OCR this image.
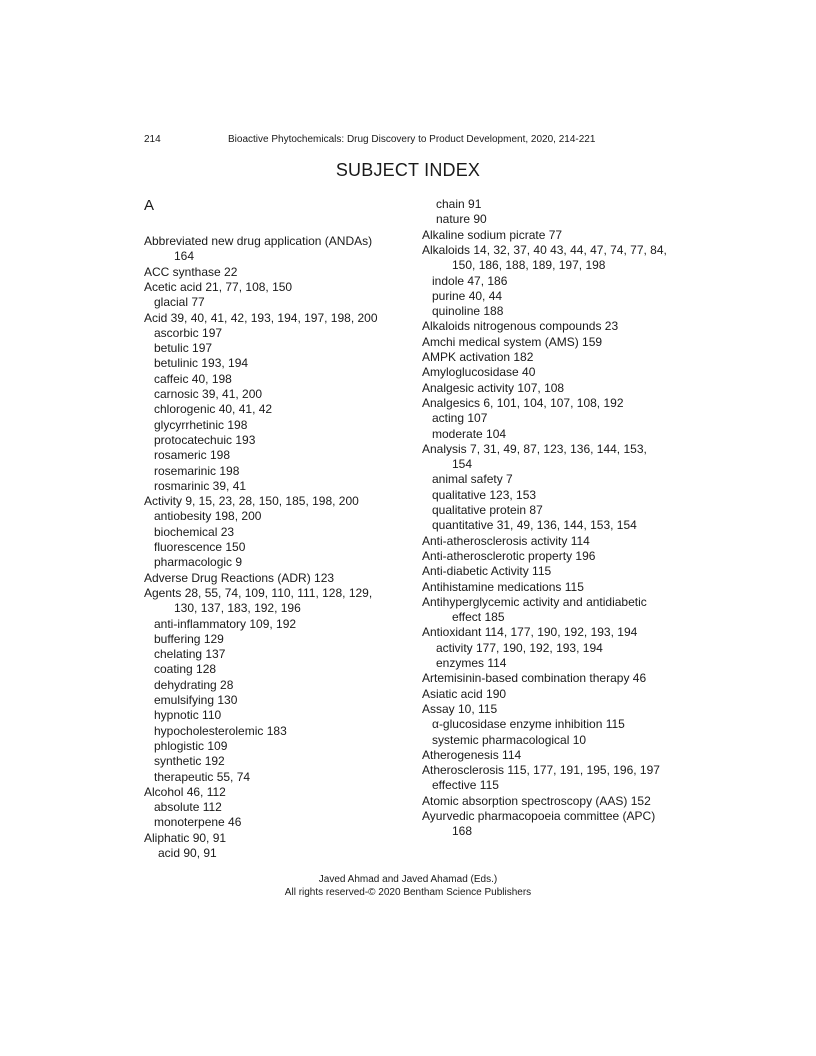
214	Bioactive Phytochemicals: Drug Discovery to Product Development, 2020, 214-221
SUBJECT INDEX
A
Abbreviated new drug application (ANDAs)
164
ACC synthase 22
Acetic acid 21, 77, 108, 150
glacial 77
Acid 39, 40, 41, 42, 193, 194, 197, 198, 200
ascorbic 197
betulic 197
betulinic 193, 194
caffeic 40, 198
carnosic 39, 41, 200
chlorogenic 40, 41, 42
glycyrrhetinic 198
protocatechuic 193
rosameric 198
rosemarinic 198
rosmarinic 39, 41
Activity 9, 15, 23, 28, 150, 185, 198, 200
antiobesity 198, 200
biochemical 23
fluorescence 150
pharmacologic 9
Adverse Drug Reactions (ADR) 123
Agents 28, 55, 74, 109, 110, 111, 128, 129,
130, 137, 183, 192, 196
anti-inflammatory 109, 192
buffering 129
chelating 137
coating 128
dehydrating 28
emulsifying 130
hypnotic 110
hypocholesterolemic 183
phlogistic 109
synthetic 192
therapeutic 55, 74
Alcohol 46, 112
absolute 112
monoterpene 46
Aliphatic 90, 91
acid 90, 91
chain 91
nature 90
Alkaline sodium picrate 77
Alkaloids 14, 32, 37, 40 43, 44, 47, 74, 77, 84,
150, 186, 188, 189, 197, 198
indole 47, 186
purine 40, 44
quinoline 188
Alkaloids nitrogenous compounds 23
Amchi medical system (AMS) 159
AMPK activation 182
Amyloglucosidase 40
Analgesic activity 107, 108
Analgesics 6, 101, 104, 107, 108, 192
acting 107
moderate 104
Analysis 7, 31, 49, 87, 123, 136, 144, 153,
154
animal safety 7
qualitative 123, 153
qualitative protein 87
quantitative 31, 49, 136, 144, 153, 154
Anti-atherosclerosis activity 114
Anti-atherosclerotic property 196
Anti-diabetic Activity 115
Antihistamine medications 115
Antihyperglycemic activity and antidiabetic
effect 185
Antioxidant 114, 177, 190, 192, 193, 194
activity 177, 190, 192, 193, 194
enzymes 114
Artemisinin-based combination therapy 46
Asiatic acid 190
Assay 10, 115
α-glucosidase enzyme inhibition 115
systemic pharmacological 10
Atherogenesis 114
Atherosclerosis 115, 177, 191, 195, 196, 197
effective 115
Atomic absorption spectroscopy (AAS) 152
Ayurvedic pharmacopoeia committee (APC)
168
Javed Ahmad and Javed Ahamad (Eds.)
All rights reserved-© 2020 Bentham Science Publishers
